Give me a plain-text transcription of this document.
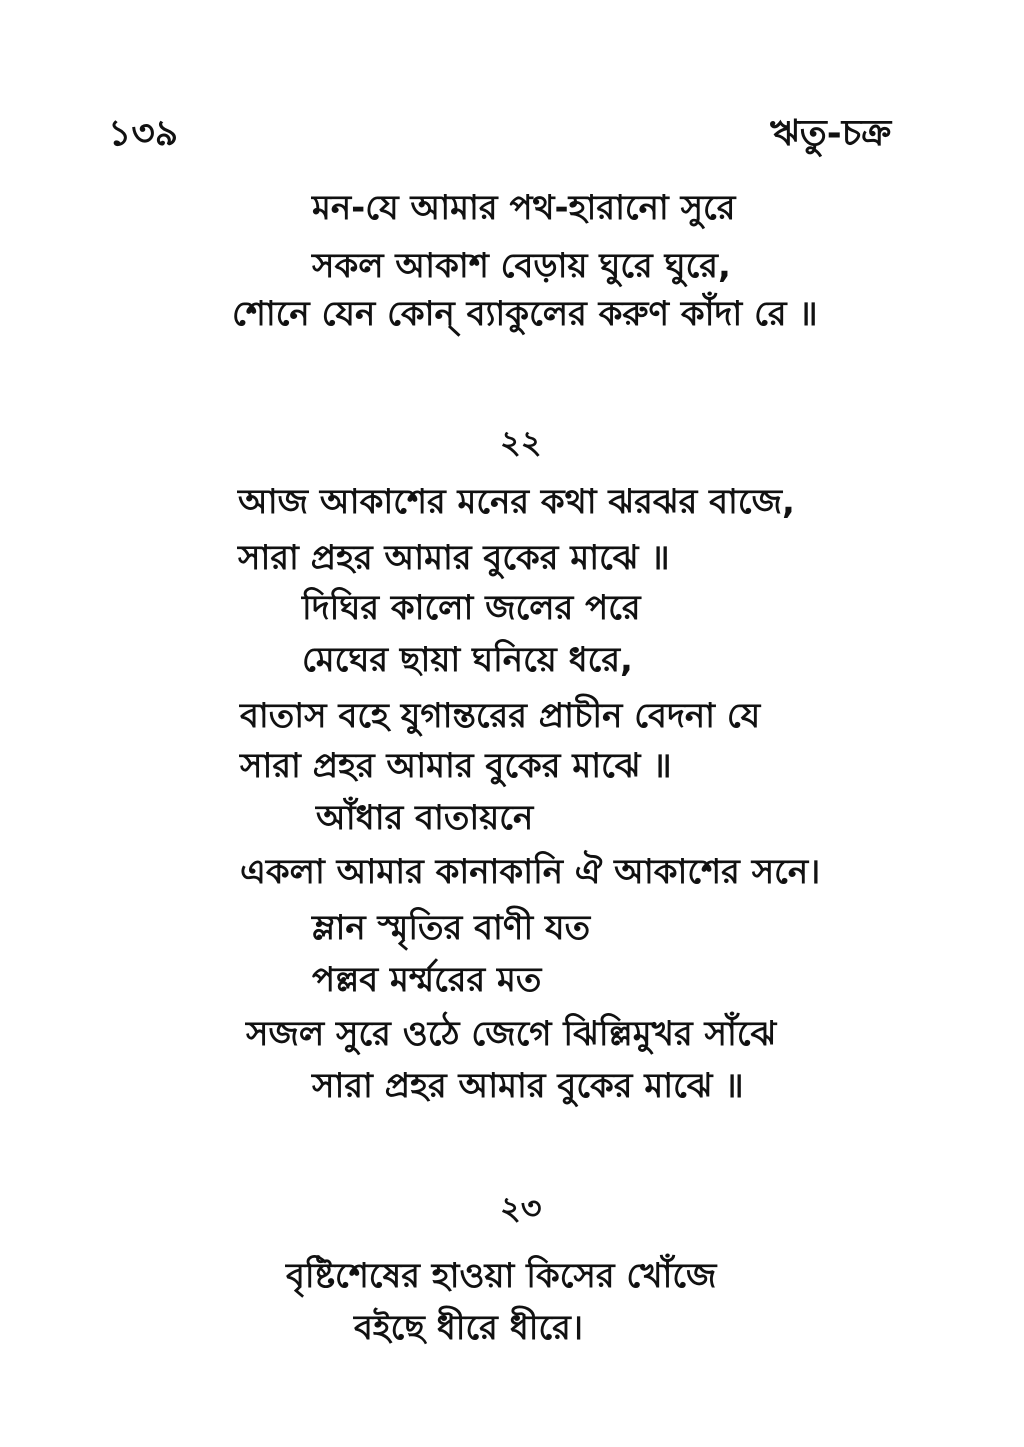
১৩৯	ঋতু-চক্র
মন-যে আমার পথ-হারানো সুরে
সকল আকাশ বেড়ায় ঘুরে ঘুরে,
শোনে যেন কোন্ ব্যাকুলের করুণ কাঁদা রে ॥
২২
আজ আকাশের মনের কথা ঝরঝর বাজে,
সারা প্রহর আমার বুকের মাঝে ॥
দিঘির কালো জলের পরে
মেঘের ছায়া ঘনিয়ে ধরে,
বাতাস বহে যুগান্তরের প্রাচীন বেদনা যে
সারা প্রহর আমার বুকের মাঝে ॥
আঁধার বাতায়নে
একলা আমার কানাকানি ঐ আকাশের সনে।
ম্লান স্মৃতির বাণী যত
পল্লব মর্ম্মরের মত
সজল সুরে ওঠে জেগে ঝিল্লিমুখর সাঁঝে
সারা প্রহর আমার বুকের মাঝে ॥
২৩
বৃষ্টিশেষের হাওয়া কিসের খোঁজে
বইছে ধীরে ধীরে।
